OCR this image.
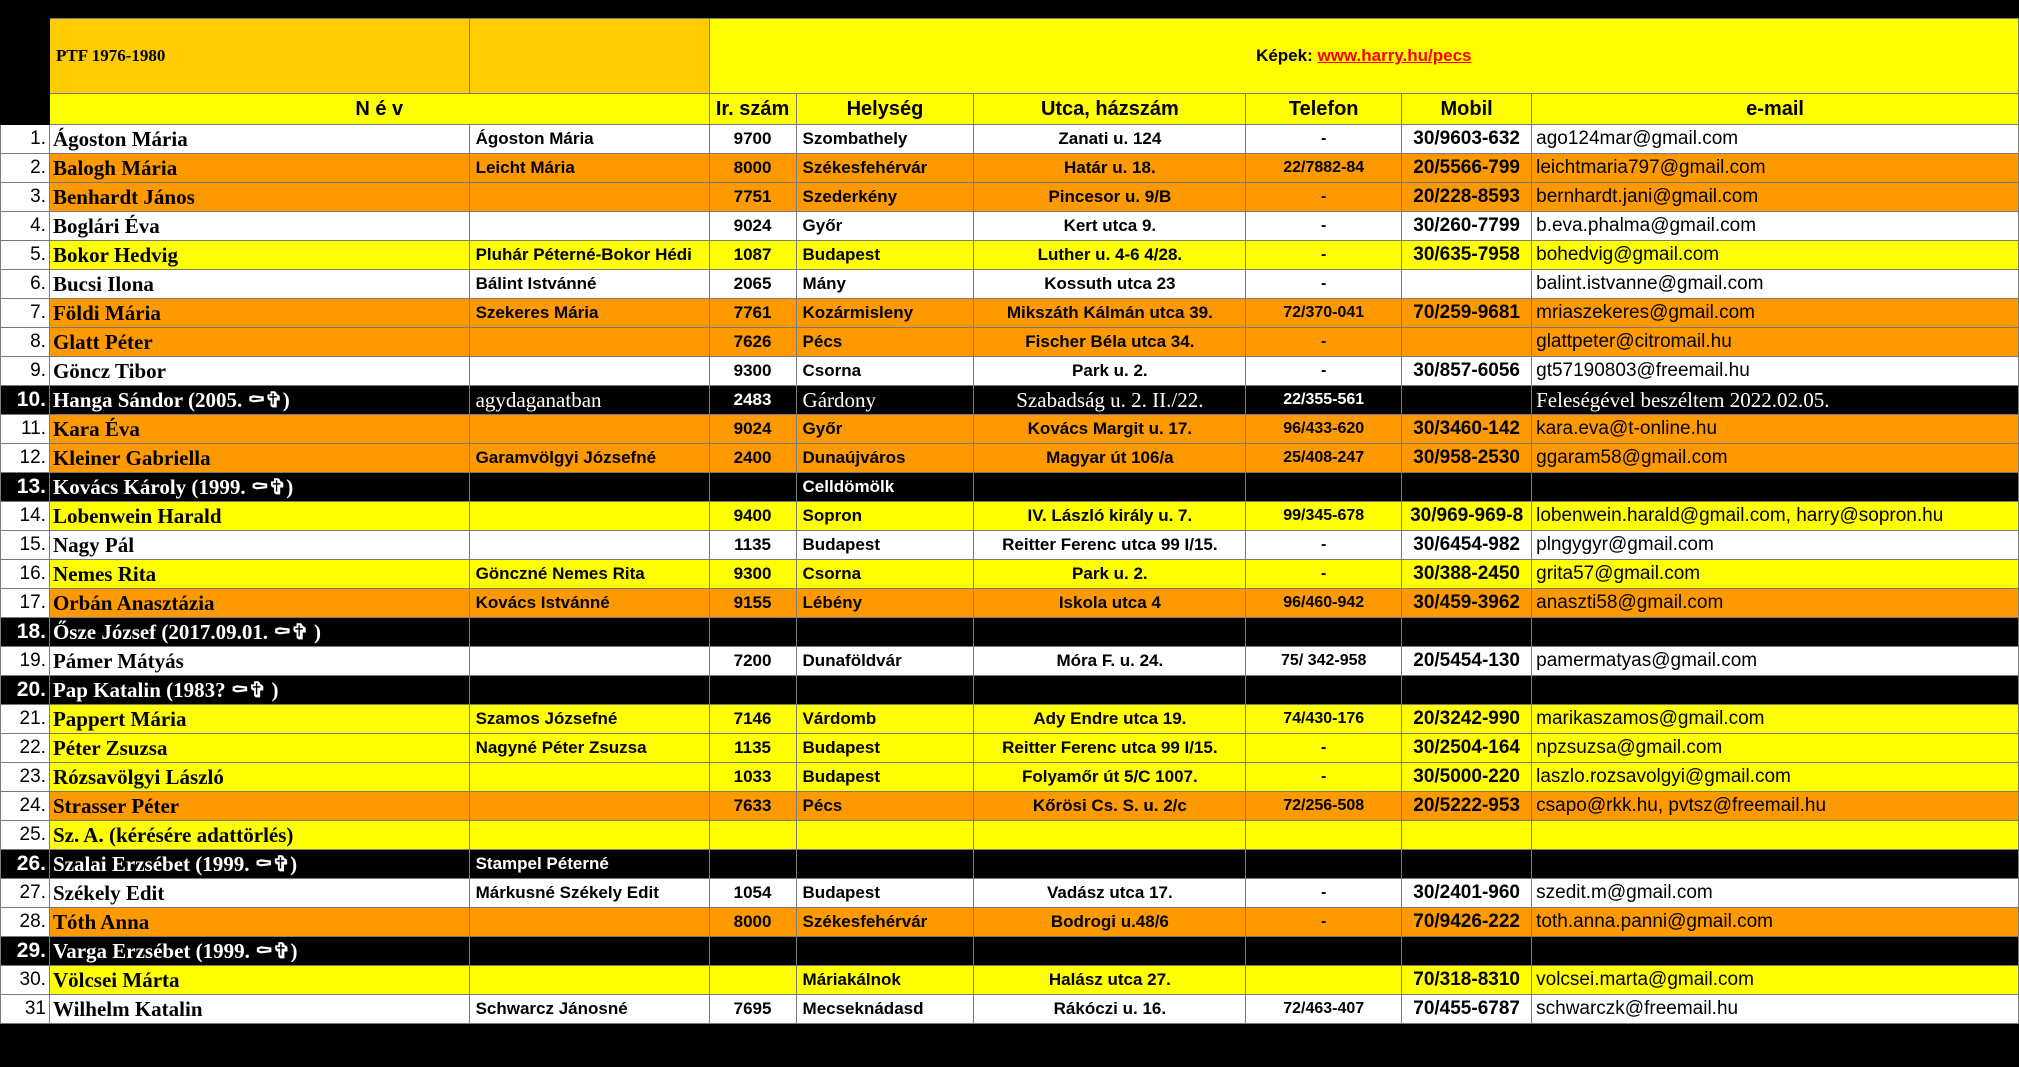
	PTF 1976-1980		Képek: www.harry.hu/pecs					
	N é v		Ir. szám	Helység	Utca, házszám	Telefon	Mobil	e-mail
1.	Ágoston Mária	Ágoston Mária	9700	Szombathely	Zanati u. 124	-	30/9603-632	ago124mar@gmail.com
2.	Balogh Mária	Leicht Mária	8000	Székesfehérvár	Határ u. 18.	22/7882-84	20/5566-799	leichtmaria797@gmail.com
3.	Benhardt János		7751	Szederkény	Pincesor u. 9/B	-	20/228-8593	bernhardt.jani@gmail.com
4.	Boglári Éva		9024	Győr	Kert utca 9.	-	30/260-7799	b.eva.phalma@gmail.com
5.	Bokor Hedvig	Pluhár Péterné-Bokor Hédi	1087	Budapest	Luther u. 4-6 4/28.	-	30/635-7958	bohedvig@gmail.com
6.	Bucsi Ilona	Bálint Istvánné	2065	Mány	Kossuth utca 23	-		balint.istvanne@gmail.com
7.	Földi Mária	Szekeres Mária	7761	Kozármisleny	Mikszáth Kálmán utca 39.	72/370-041	70/259-9681	mriaszekeres@gmail.com
8.	Glatt Péter		7626	Pécs	Fischer Béla utca 34.	-		glattpeter@citromail.hu
9.	Göncz Tibor		9300	Csorna	Park u. 2.	-	30/857-6056	gt57190803@freemail.hu
10.	Hanga Sándor (2005. ⚰✞)	agydaganatban	2483	Gárdony	Szabadság u. 2. II./22.	22/355-561		Feleségével beszéltem 2022.02.05.
11.	Kara Éva		9024	Győr	Kovács Margit u. 17.	96/433-620	30/3460-142	kara.eva@t-online.hu
12.	Kleiner Gabriella	Garamvölgyi Józsefné	2400	Dunaújváros	Magyar út 106/a	25/408-247	30/958-2530	ggaram58@gmail.com
13.	Kovács Károly (1999. ⚰✞)			Celldömölk				
14.	Lobenwein Harald		9400	Sopron	IV. László király u. 7.	99/345-678	30/969-969-8	lobenwein.harald@gmail.com, harry@sopron.hu
15.	Nagy Pál		1135	Budapest	Reitter Ferenc utca 99 I/15.	-	30/6454-982	plngygyr@gmail.com
16.	Nemes Rita	Gönczné Nemes Rita	9300	Csorna	Park u. 2.	-	30/388-2450	grita57@gmail.com
17.	Orbán Anasztázia	Kovács Istvánné	9155	Lébény	Iskola utca 4	96/460-942	30/459-3962	anaszti58@gmail.com
18.	Ősze József (2017.09.01. ⚰✞ )							
19.	Pámer Mátyás		7200	Dunaföldvár	Móra F. u. 24.	75/ 342-958	20/5454-130	pamermatyas@gmail.com
20.	Pap Katalin (1983? ⚰✞ )							
21.	Pappert Mária	Szamos Józsefné	7146	Várdomb	Ady Endre utca 19.	74/430-176	20/3242-990	marikaszamos@gmail.com
22.	Péter Zsuzsa	Nagyné Péter Zsuzsa	1135	Budapest	Reitter Ferenc utca 99 I/15.	-	30/2504-164	npzsuzsa@gmail.com
23.	Rózsavölgyi László		1033	Budapest	Folyamőr út 5/C 1007.	-	30/5000-220	laszlo.rozsavolgyi@gmail.com
24.	Strasser Péter		7633	Pécs	Kőrösi Cs. S. u. 2/c	72/256-508	20/5222-953	csapo@rkk.hu, pvtsz@freemail.hu
25.	Sz. A. (kérésére adattörlés)							
26.	Szalai Erzsébet (1999. ⚰✞)	Stampel Péterné						
27.	Székely Edit	Márkusné Székely Edit	1054	Budapest	Vadász utca 17.	-	30/2401-960	szedit.m@gmail.com
28.	Tóth Anna		8000	Székesfehérvár	Bodrogi u.48/6	-	70/9426-222	toth.anna.panni@gmail.com
29.	Varga Erzsébet (1999. ⚰✞)							
30.	Völcsei Márta			Máriakálnok	Halász utca 27.		70/318-8310	volcsei.marta@gmail.com
31	Wilhelm Katalin	Schwarcz Jánosné	7695	Mecseknádasd	Rákóczi u. 16.	72/463-407	70/455-6787	schwarczk@freemail.hu
